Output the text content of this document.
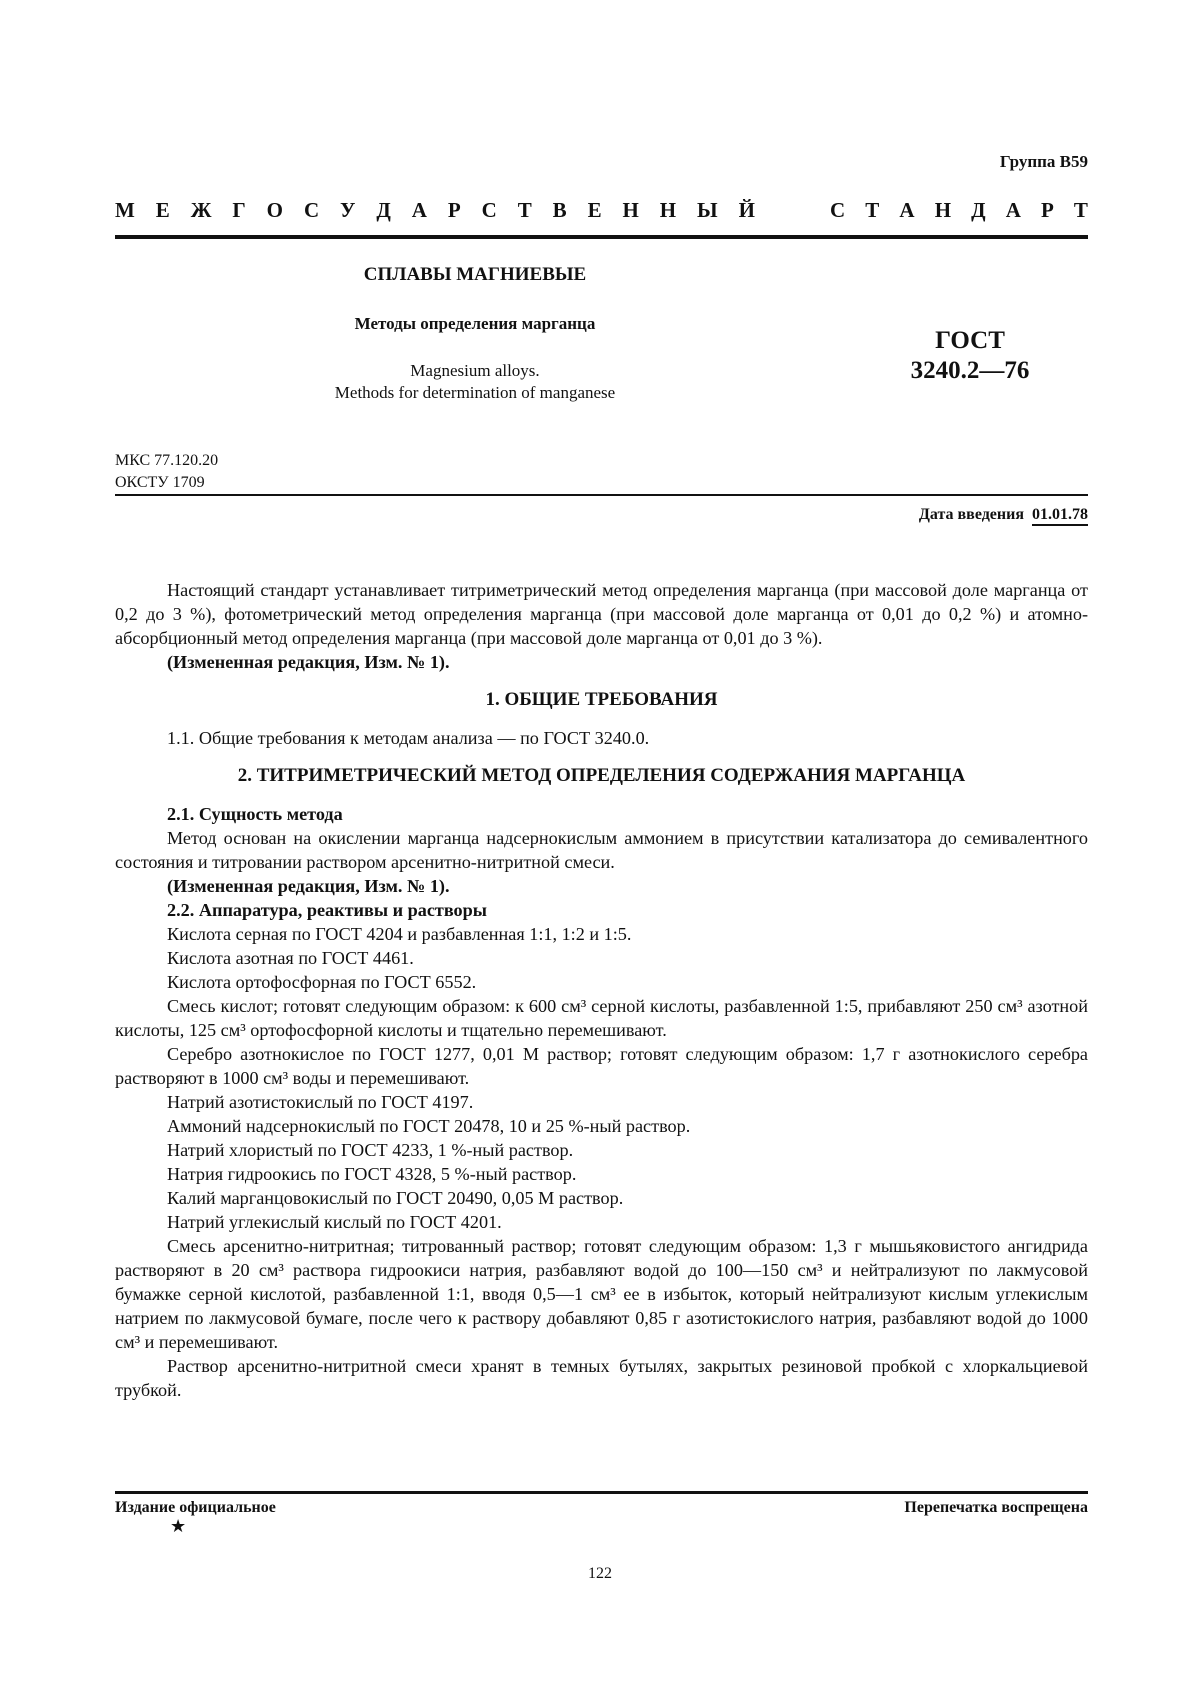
Группа В59
М Е Ж Г О С У Д А Р С Т В Е Н Н Ы Й	С Т А Н Д А Р Т
СПЛАВЫ МАГНИЕВЫЕ
Методы определения марганца
Magnesium alloys.
Methods for determination of manganese
ГОСТ
3240.2—76
МКС 77.120.20
ОКСТУ 1709
Дата введения 01.01.78

Настоящий стандарт устанавливает титриметрический метод определения марганца (при массовой доле марганца от 0,2 до 3 %), фотометрический метод определения марганца (при массовой доле марганца от 0,01 до 0,2 %) и атомно-абсорбционный метод определения марганца (при массовой доле марганца от 0,01 до 3 %).

(Измененная редакция, Изм. № 1).

1. ОБЩИЕ ТРЕБОВАНИЯ

1.1. Общие требования к методам анализа — по ГОСТ 3240.0.

2. ТИТРИМЕТРИЧЕСКИЙ МЕТОД ОПРЕДЕЛЕНИЯ СОДЕРЖАНИЯ МАРГАНЦА

2.1. Сущность метода

Метод основан на окислении марганца надсернокислым аммонием в присутствии катализатора до семивалентного состояния и титровании раствором арсенитно-нитритной смеси.

(Измененная редакция, Изм. № 1).

2.2. Аппаратура, реактивы и растворы

Кислота серная по ГОСТ 4204 и разбавленная 1:1, 1:2 и 1:5.

Кислота азотная по ГОСТ 4461.

Кислота ортофосфорная по ГОСТ 6552.

Смесь кислот; готовят следующим образом: к 600 см³ серной кислоты, разбавленной 1:5, прибавляют 250 см³ азотной кислоты, 125 см³ ортофосфорной кислоты и тщательно перемешивают.

Серебро азотнокислое по ГОСТ 1277, 0,01 М раствор; готовят следующим образом: 1,7 г азотнокислого серебра растворяют в 1000 см³ воды и перемешивают.

Натрий азотистокислый по ГОСТ 4197.

Аммоний надсернокислый по ГОСТ 20478, 10 и 25 %-ный раствор.

Натрий хлористый по ГОСТ 4233, 1 %-ный раствор.

Натрия гидроокись по ГОСТ 4328, 5 %-ный раствор.

Калий марганцовокислый по ГОСТ 20490, 0,05 М раствор.

Натрий углекислый кислый по ГОСТ 4201.

Смесь арсенитно-нитритная; титрованный раствор; готовят следующим образом: 1,3 г мышьяковистого ангидрида растворяют в 20 см³ раствора гидроокиси натрия, разбавляют водой до 100—150 см³ и нейтрализуют по лакмусовой бумажке серной кислотой, разбавленной 1:1, вводя 0,5—1 см³ ее в избыток, который нейтрализуют кислым углекислым натрием по лакмусовой бумаге, после чего к раствору добавляют 0,85 г азотистокислого натрия, разбавляют водой до 1000 см³ и перемешивают.

Раствор арсенитно-нитритной смеси хранят в темных бутылях, закрытых резиновой пробкой с хлоркальциевой трубкой.

Издание официальное	Перепечатка воспрещена
★
122
